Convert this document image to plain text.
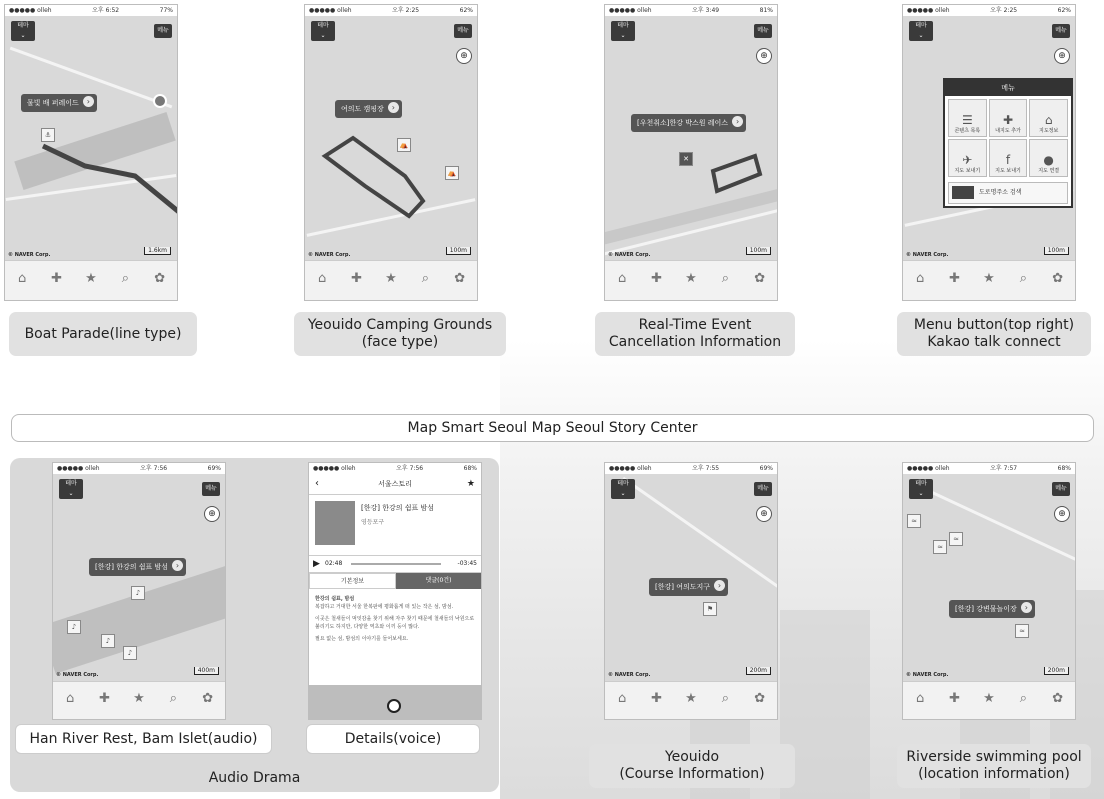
●●●●● olleh	오후 6:52	77%
테마
⌄
메뉴
물빛 배 퍼레이드 ›
⚓
1.6km
© NAVER Corp.
⌂	✚	★	⌕	✿
●●●●● olleh	오후 2:25	62%
테마
⌄
메뉴
⊕
여의도 캠핑장 ›
⛺
⛺
100m
© NAVER Corp.
⌂	✚	★	⌕	✿
●●●●● olleh	오후 3:49	81%
테마
⌄
메뉴
⊕
[우천취소]한강 박스원 레이스 ›
✕
100m
© NAVER Corp.
⌂	✚	★	⌕	✿
●●●●● olleh	오후 2:25	62%
테마
⌄
메뉴
⊕
메뉴
☰
콘텐츠 목록
✚
내지도 추가
⌂
지도정보
✈
지도 보내기
f
지도 보내기
●
지도 연결
도로명주소 검색
100m
© NAVER Corp.
⌂	✚	★	⌕	✿
Boat Parade(line type)
Yeouido Camping Grounds
(face type)
Real-Time Event
Cancellation Information
Menu button(top right)
Kakao talk connect
Map Smart Seoul Map Seoul Story Center
●●●●● olleh	오후 7:56	69%
테마
⌄
메뉴
⊕
[한강] 한강의 쉼표 밤섬 ›
♪
♪
♪
♪
400m
© NAVER Corp.
⌂	✚	★	⌕	✿
●●●●● olleh	오후 7:56	68%
‹	서울스토리	★
[한강] 한강의 쉼표 밤섬
영등포구
▶ 02:48	-03:45
기본정보	댓글(0건)
한강의 쉼표, 밤섬
복잡하고 거대한 서울 한복판에 평화롭게 떠 있는 작은 섬, 밤섬.
이곳은 철새들이 먹잇감을 찾기 위해 자주 찾기 때문에 철새들의 낙원으로 불리기도 하지만, 다양한 역초와 이끼 등이 많다.
필요 없는 섬, 밤섬의 이야기를 들어보세요.
Han River Rest, Bam Islet(audio)	Details(voice)
Audio Drama
●●●●● olleh	오후 7:55	69%
테마
⌄
메뉴
⊕
[한강] 여의도지구 ›
⚑
200m
© NAVER Corp.
⌂	✚	★	⌕	✿
●●●●● olleh	오후 7:57	68%
테마
⌄
메뉴
⊕
≈
≈
≈
[한강] 강변물놀이장 ›
≈
200m
© NAVER Corp.
⌂	✚	★	⌕	✿
Yeouido
(Course Information)
Riverside swimming pool
(location information)
